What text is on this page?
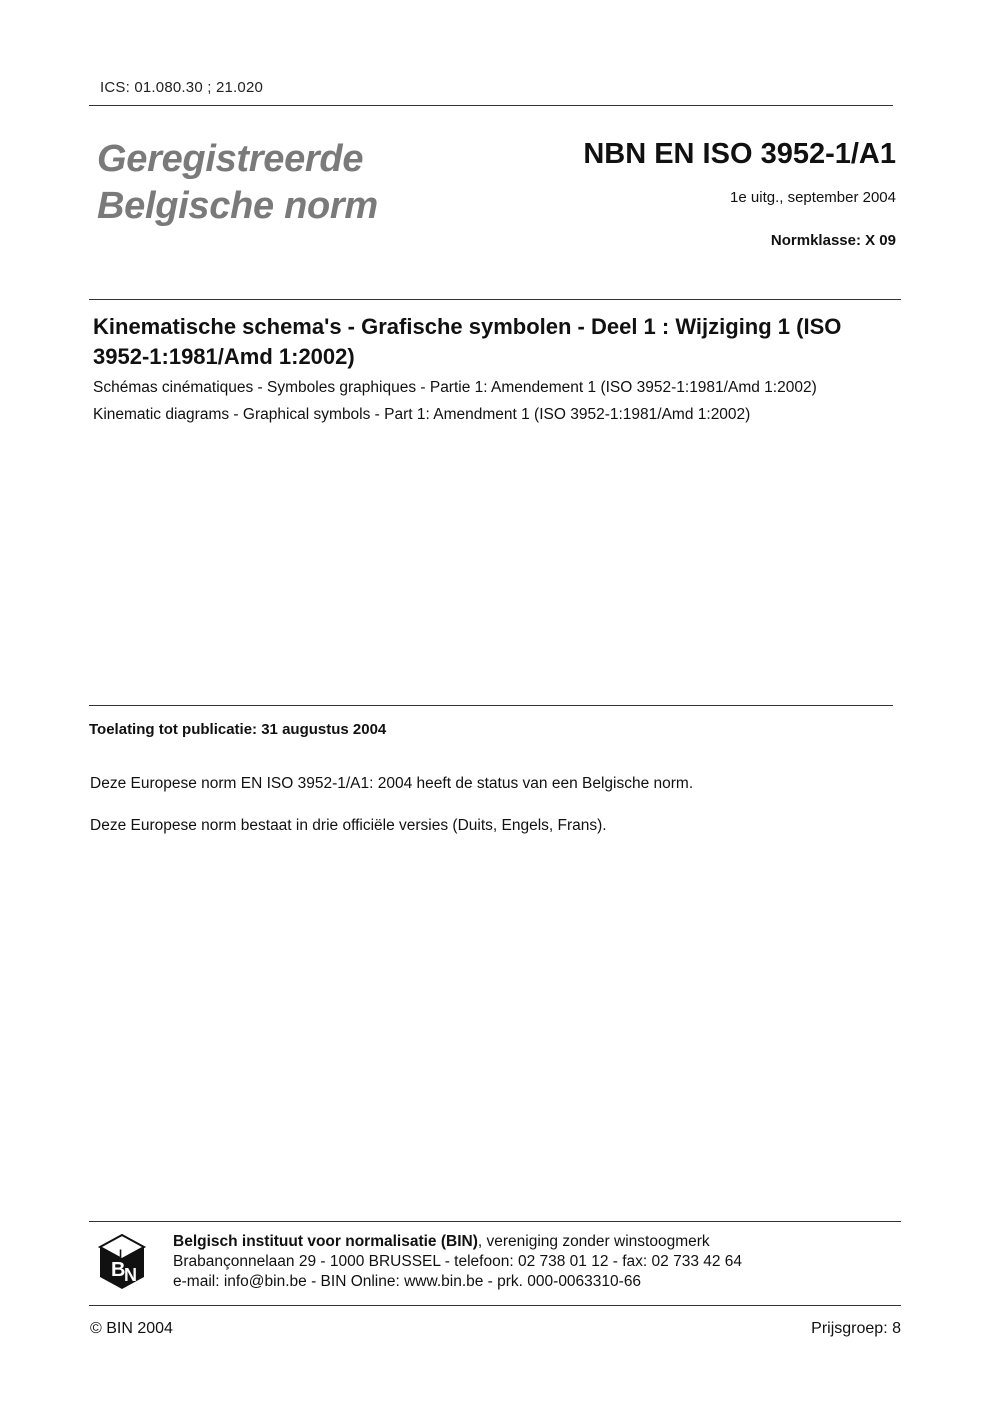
ICS: 01.080.30 ; 21.020
Geregistreerde
Belgische norm
NBN EN ISO 3952-1/A1
1e uitg., september 2004
Normklasse: X 09
Kinematische schema's - Grafische symbolen - Deel 1 : Wijziging 1 (ISO 3952-1:1981/Amd 1:2002)
Schémas cinématiques - Symboles graphiques - Partie 1: Amendement 1 (ISO 3952-1:1981/Amd 1:2002)
Kinematic diagrams - Graphical symbols - Part 1: Amendment 1 (ISO 3952-1:1981/Amd 1:2002)
Toelating tot publicatie: 31 augustus 2004
Deze Europese norm EN ISO 3952-1/A1: 2004 heeft de status van een Belgische norm.
Deze Europese norm bestaat in drie officiële versies (Duits, Engels, Frans).
B
N
I
Belgisch instituut voor normalisatie (BIN), vereniging zonder winstoogmerk
Brabançonnelaan 29 - 1000 BRUSSEL - telefoon: 02 738 01 12 - fax: 02 733 42 64
e-mail: info@bin.be - BIN Online: www.bin.be - prk. 000-0063310-66
© BIN 2004	Prijsgroep: 8
